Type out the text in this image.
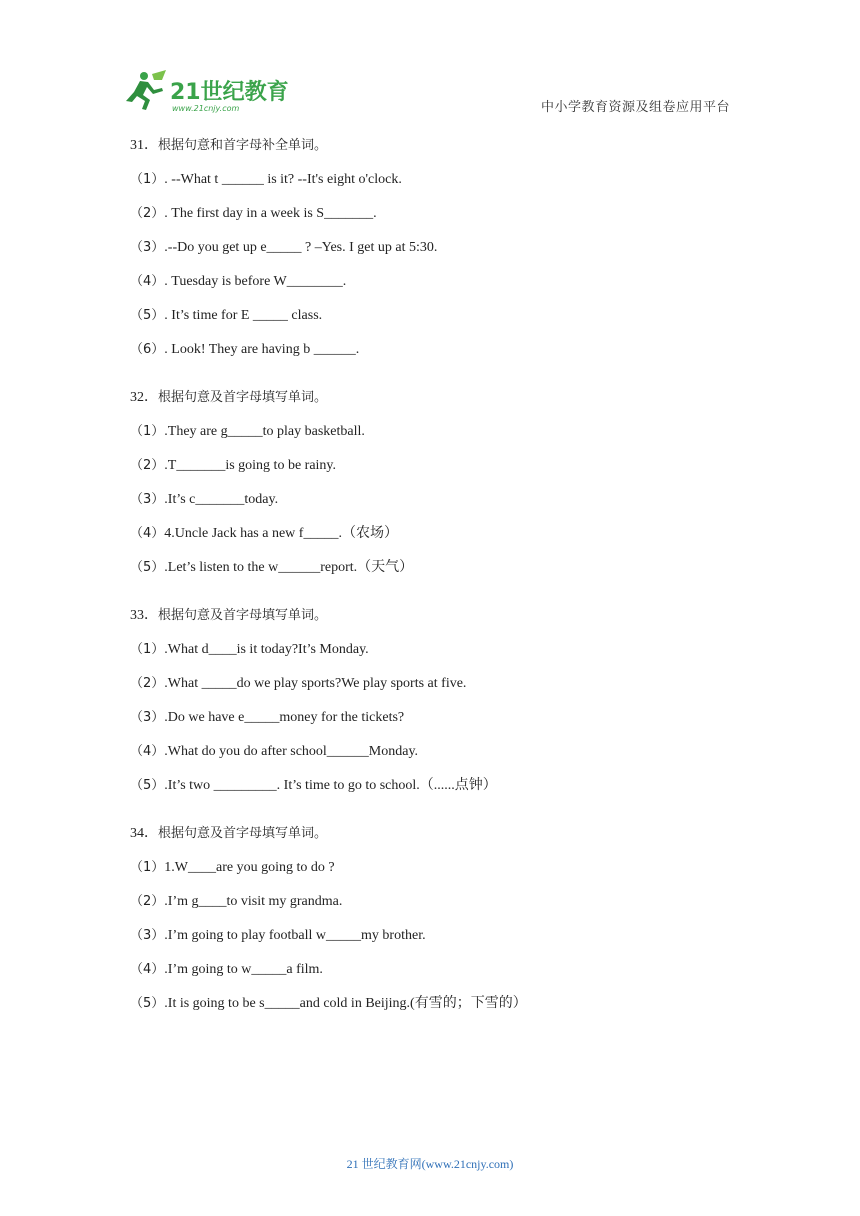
21世纪教育
www.21cnjy.com	中小学教育资源及组卷应用平台
31．根据句意和首字母补全单词。
（1）. --What t ______ is it? --It's eight o'clock.
（2）. The first day in a week is S_______.
（3）.--Do you get up e_____ ? –Yes. I get up at 5:30.
（4）. Tuesday is before W________.
（5）. It’s time for E _____ class.
（6）. Look! They are having b ______.
32．根据句意及首字母填写单词。
（1）.They are g_____to play basketball.
（2）.T_______is going to be rainy.
（3）.It’s c_______today.
（4）4.Uncle Jack has a new f_____.（农场）
（5）.Let’s listen to the w______report.（天气）
33．根据句意及首字母填写单词。
（1）.What d____is it today?It’s Monday.
（2）.What _____do we play sports?We play sports at five.
（3）.Do we have e_____money for the tickets?
（4）.What do you do after school______Monday.
（5）.It’s two _________. It’s time to go to school.（......点钟）
34．根据句意及首字母填写单词。
（1）1.W____are you going to do ?
（2）.I’m g____to visit my grandma.
（3）.I’m going to play football w_____my brother.
（4）.I’m going to w_____a film.
（5）.It is going to be s_____and cold in Beijing.(有雪的；下雪的）
21 世纪教育网(www.21cnjy.com)
